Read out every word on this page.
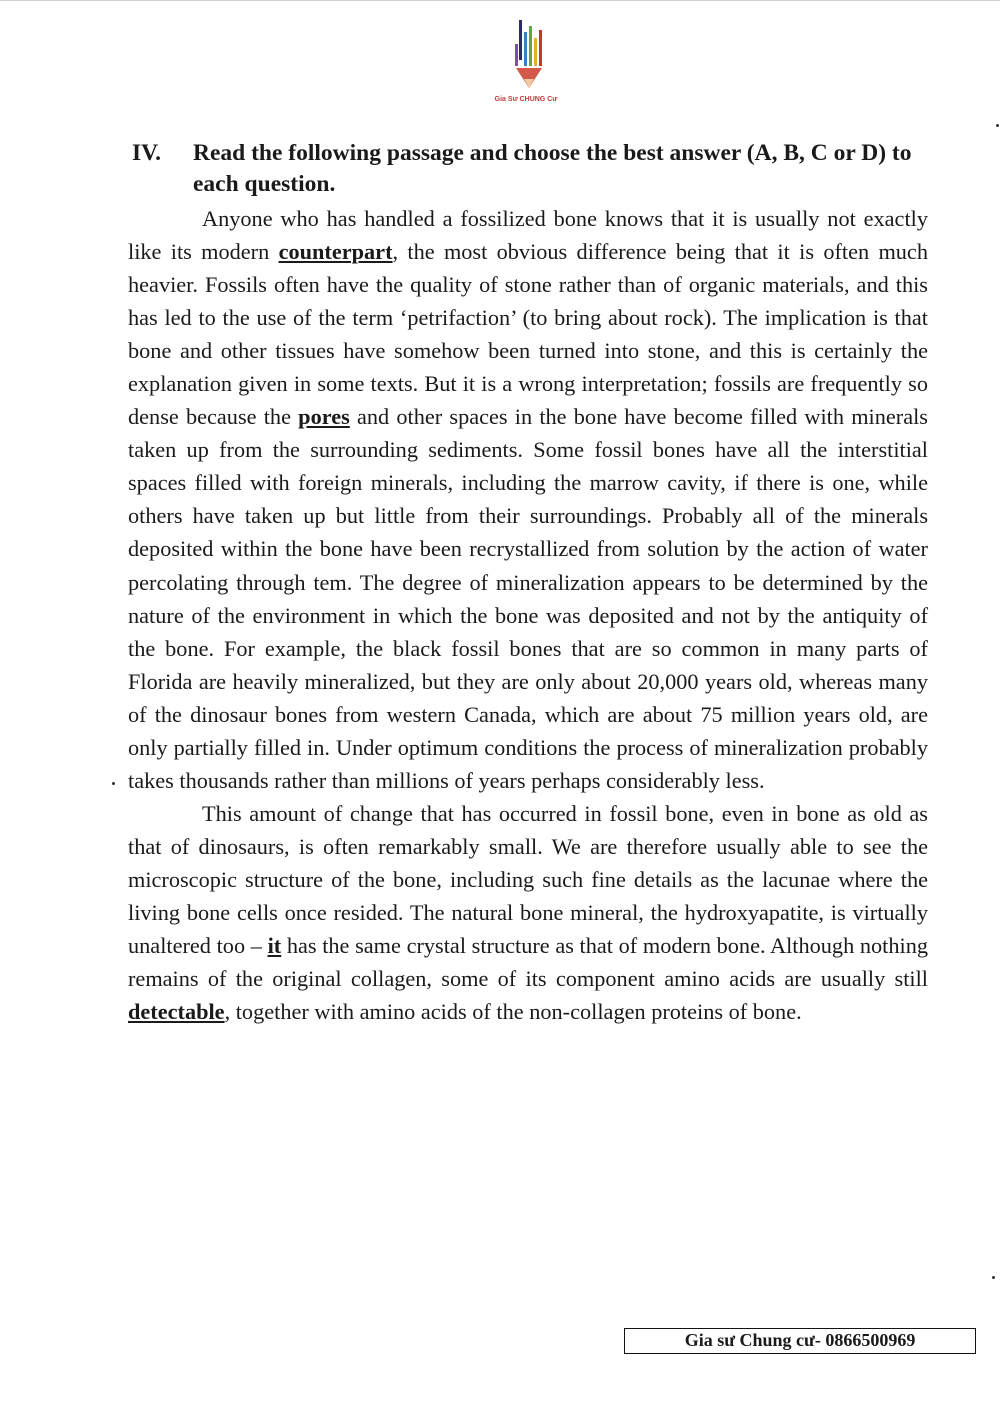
Gia Sư CHUNG Cư
IV. Read the following passage and choose the best answer (A, B, C or D) to each question.

Anyone who has handled a fossilized bone knows that it is usually not exactly like its modern counterpart, the most obvious difference being that it is often much heavier. Fossils often have the quality of stone rather than of organic materials, and this has led to the use of the term ‘petrifaction’ (to bring about rock). The implication is that bone and other tissues have somehow been turned into stone, and this is certainly the explanation given in some texts. But it is a wrong interpretation; fossils are frequently so dense because the pores and other spaces in the bone have become filled with minerals taken up from the surrounding sediments. Some fossil bones have all the interstitial spaces filled with foreign minerals, including the marrow cavity, if there is one, while others have taken up but little from their surroundings. Probably all of the minerals deposited within the bone have been recrystallized from solution by the action of water percolating through tem. The degree of mineralization appears to be determined by the nature of the environment in which the bone was deposited and not by the antiquity of the bone. For example, the black fossil bones that are so common in many parts of Florida are heavily mineralized, but they are only about 20,000 years old, whereas many of the dinosaur bones from western Canada, which are about 75 million years old, are only partially filled in. Under optimum conditions the process of mineralization probably takes thousands rather than millions of years perhaps considerably less.

This amount of change that has occurred in fossil bone, even in bone as old as that of dinosaurs, is often remarkably small. We are therefore usually able to see the microscopic structure of the bone, including such fine details as the lacunae where the living bone cells once resided. The natural bone mineral, the hydroxyapatite, is virtually unaltered too – it has the same crystal structure as that of modern bone. Although nothing remains of the original collagen, some of its component amino acids are usually still detectable, together with amino acids of the non-collagen proteins of bone.

Gia sư Chung cư- 0866500969
